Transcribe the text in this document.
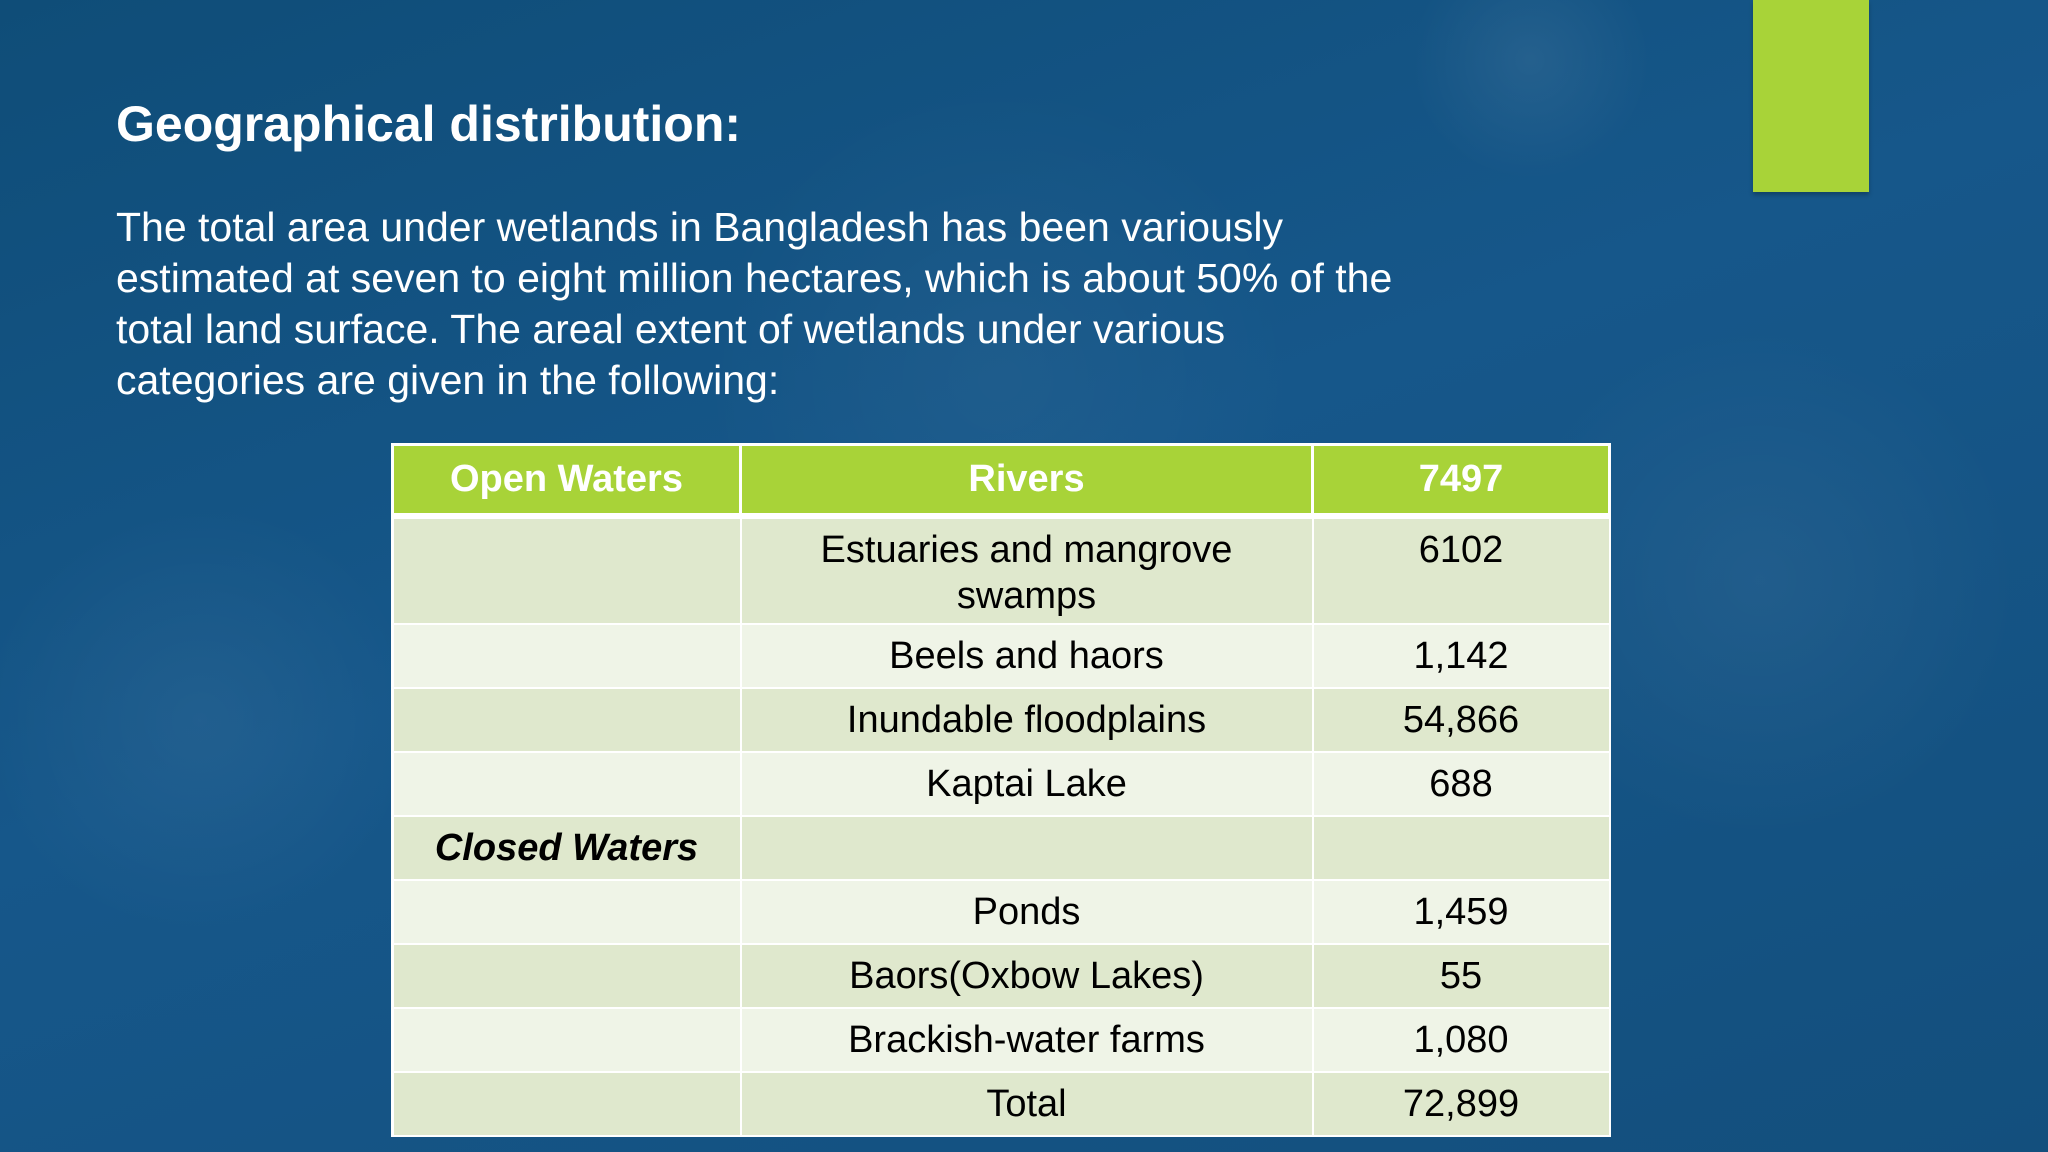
Geographical distribution:

The total area under wetlands in Bangladesh has been variously estimated at seven to eight million hectares, which is about 50% of the total land surface. The areal extent of wetlands under various categories are given in the following:

Open Waters	Rivers	7497
	Estuaries and mangrove swamps	6102
	Beels and haors	1,142
	Inundable floodplains	54,866
	Kaptai Lake	688
Closed Waters		
	Ponds	1,459
	Baors(Oxbow Lakes)	55
	Brackish-water farms	1,080
	Total	72,899
